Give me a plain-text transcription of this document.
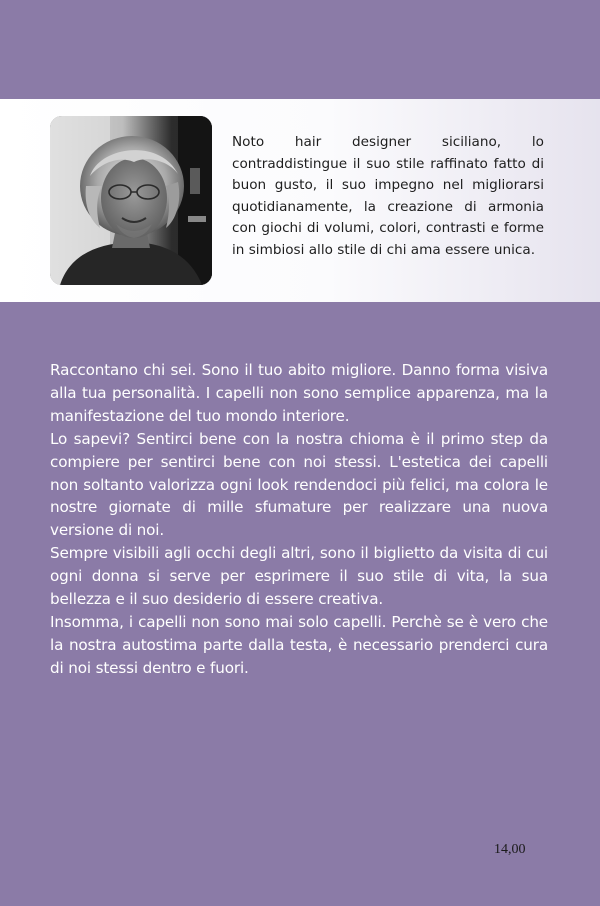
Noto hair designer siciliano, lo contraddistingue il suo stile raffinato fatto di buon gusto, il suo impegno nel migliorarsi quotidianamente, la creazione di armonia con giochi di volumi, colori, contrasti e forme in simbiosi allo stile di chi ama essere unica.

Raccontano chi sei. Sono il tuo abito migliore. Danno forma visiva alla tua personalità. I capelli non sono semplice apparenza, ma la manifestazione del tuo mondo interiore.

Lo sapevi? Sentirci bene con la nostra chioma è il primo step da compiere per sentirci bene con noi stessi. L'estetica dei capelli non soltanto valorizza ogni look rendendoci più felici, ma colora le nostre giornate di mille sfumature per realizzare una nuova versione di noi.

Sempre visibili agli occhi degli altri, sono il biglietto da visita di cui ogni donna si serve per esprimere il suo stile di vita, la sua bellezza e il suo desiderio di essere creativa.

Insomma, i capelli non sono mai solo capelli. Perchè se è vero che la nostra autostima parte dalla testa, è necessario prenderci cura di noi stessi dentro e fuori.

14,00
